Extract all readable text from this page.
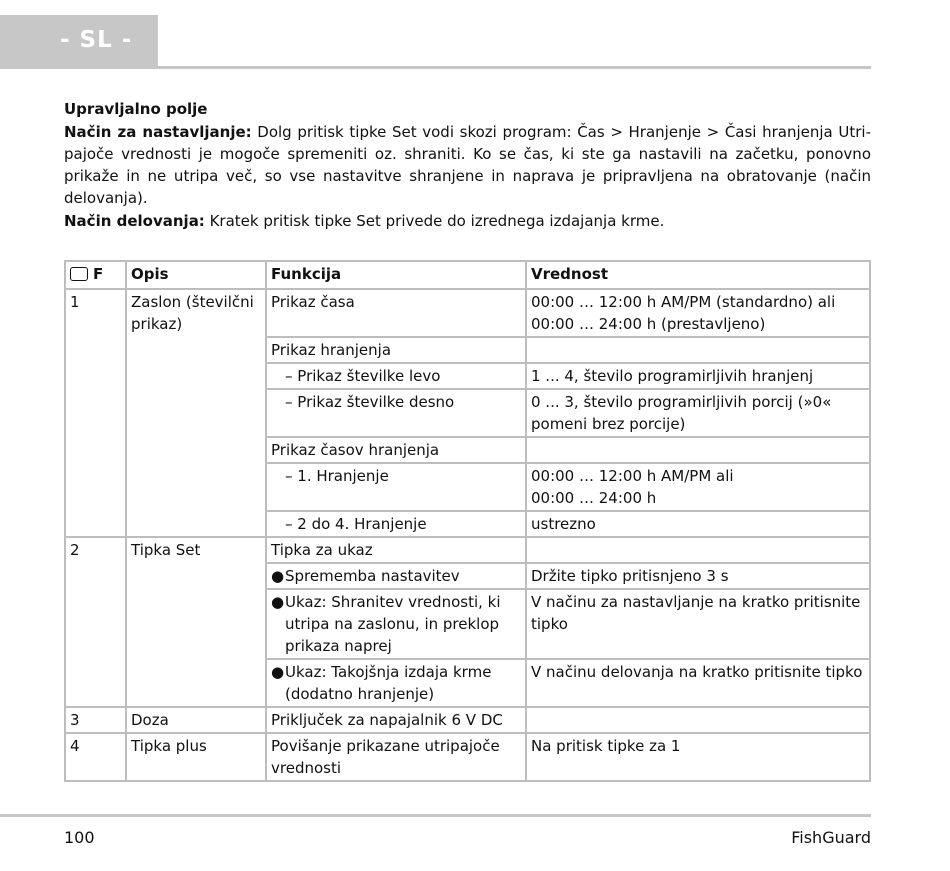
- SL -
Upravljalno polje

Način za nastavljanje: Dolg pritisk tipke Set vodi skozi program: Čas > Hranjenje > Časi hranjenja Utri-pajoče vrednosti je mogoče spremeniti oz. shraniti. Ko se čas, ki ste ga nastavili na začetku, ponovno prikaže in ne utripa več, so vse nastavitve shranjene in naprava je pripravljena na obratovanje (način delovanja).

Način delovanja: Kratek pritisk tipke Set privede do izrednega izdajanja krme.

F	Opis	Funkcija	Vrednost
1	Zaslon (številčni prikaz)	Prikaz časa	00:00 … 12:00 h AM/PM (standardno) ali
00:00 … 24:00 h (prestavljeno)

		Prikaz hranjenja	
		– Prikaz številke levo	1 ... 4, število programirljivih hranjenj
		– Prikaz številke desno	0 ... 3, število programirljivih porcij (»0« pomeni brez porcije)
		Prikaz časov hranjenja	
		– 1. Hranjenje	00:00 … 12:00 h AM/PM ali
00:00 … 24:00 h

		– 2 do 4. Hranjenje	ustrezno
2	Tipka Set	Tipka za ukaz	

		● Sprememba nastavitev	Držite tipko pritisnjeno 3 s

		● Ukaz: Shranitev vrednosti, ki utripa na zaslonu, in preklop prikaza naprej	V načinu za nastavljanje na kratko pritisnite tipko

		● Ukaz: Takojšnja izdaja krme (dodatno hranjenje)	V načinu delovanja na kratko pritisnite tipko
3	Doza	Priključek za napajalnik 6 V DC	
4	Tipka plus	Povišanje prikazane utripajoče vrednosti	Na pritisk tipke za 1
100	FishGuard
